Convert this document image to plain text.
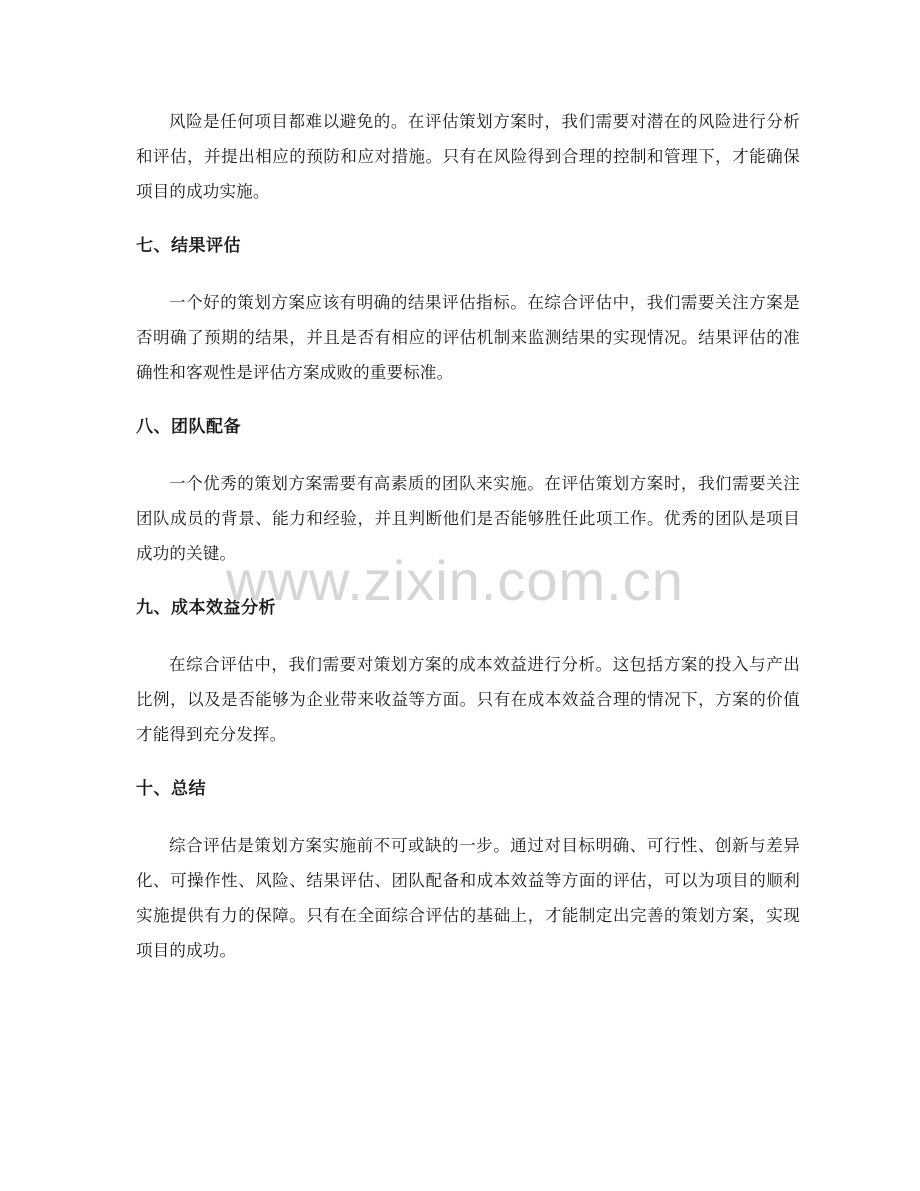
风险是任何项目都难以避免的。在评估策划方案时，我们需要对潜在的风险进行分析和评估，并提出相应的预防和应对措施。只有在风险得到合理的控制和管理下，才能确保项目的成功实施。

七、结果评估

一个好的策划方案应该有明确的结果评估指标。在综合评估中，我们需要关注方案是否明确了预期的结果，并且是否有相应的评估机制来监测结果的实现情况。结果评估的准确性和客观性是评估方案成败的重要标准。

八、团队配备

一个优秀的策划方案需要有高素质的团队来实施。在评估策划方案时，我们需要关注团队成员的背景、能力和经验，并且判断他们是否能够胜任此项工作。优秀的团队是项目成功的关键。

九、成本效益分析

在综合评估中，我们需要对策划方案的成本效益进行分析。这包括方案的投入与产出比例，以及是否能够为企业带来收益等方面。只有在成本效益合理的情况下，方案的价值才能得到充分发挥。

十、总结

综合评估是策划方案实施前不可或缺的一步。通过对目标明确、可行性、创新与差异化、可操作性、风险、结果评估、团队配备和成本效益等方面的评估，可以为项目的顺利实施提供有力的保障。只有在全面综合评估的基础上，才能制定出完善的策划方案，实现项目的成功。

www.zixin.com.cn
